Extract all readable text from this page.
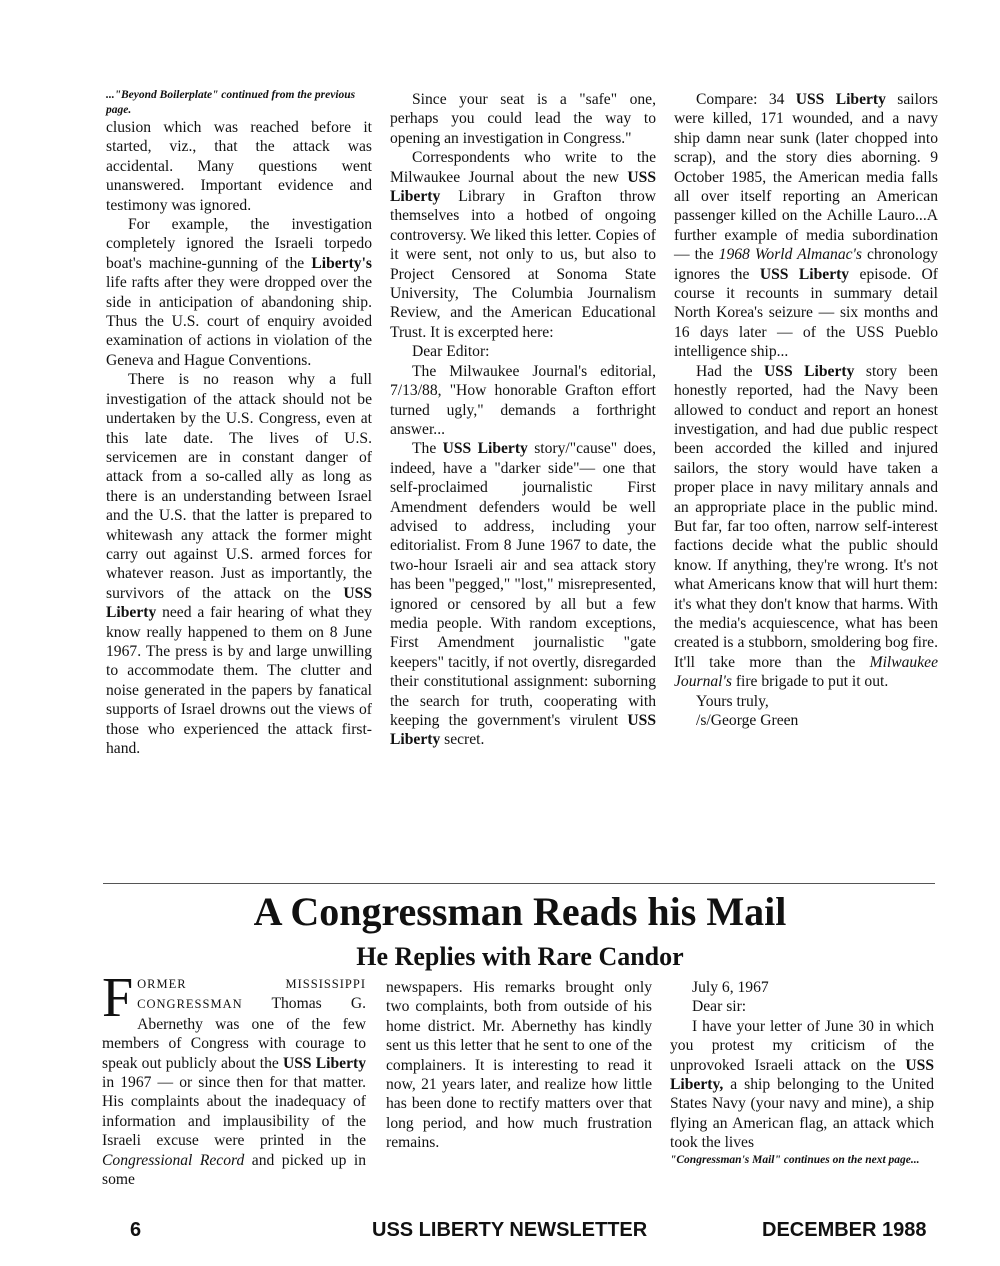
..."Beyond Boilerplate" continued from the previous page.

clusion which was reached before it started, viz., that the attack was accidental. Many questions went unanswered. Important evidence and testimony was ignored.

For example, the investigation completely ignored the Israeli torpedo boat's machine-gunning of the Liberty's life rafts after they were dropped over the side in anticipation of abandoning ship. Thus the U.S. court of enquiry avoided examination of actions in violation of the Geneva and Hague Conventions.

There is no reason why a full investigation of the attack should not be undertaken by the U.S. Congress, even at this late date. The lives of U.S. servicemen are in constant danger of attack from a so-called ally as long as there is an understanding between Israel and the U.S. that the latter is prepared to whitewash any attack the former might carry out against U.S. armed forces for whatever reason. Just as importantly, the survivors of the attack on the USS Liberty need a fair hearing of what they know really happened to them on 8 June 1967. The press is by and large unwilling to accommodate them. The clutter and noise generated in the papers by fanatical supports of Israel drowns out the views of those who experienced the attack first-hand.

Since your seat is a "safe" one, perhaps you could lead the way to opening an investigation in Congress."

Correspondents who write to the Milwaukee Journal about the new USS Liberty Library in Grafton throw themselves into a hotbed of ongoing controversy. We liked this letter. Copies of it were sent, not only to us, but also to Project Censored at Sonoma State University, The Columbia Journalism Review, and the American Educational Trust. It is excerpted here:

Dear Editor:

The Milwaukee Journal's editorial, 7/13/88, "How honorable Grafton effort turned ugly," demands a forthright answer...

The USS Liberty story/"cause" does, indeed, have a "darker side"— one that self-proclaimed journalistic First Amendment defenders would be well advised to address, including your editorialist. From 8 June 1967 to date, the two-hour Israeli air and sea attack story has been "pegged," "lost," misrepresented, ignored or censored by all but a few media people. With random exceptions, First Amendment journalistic "gate keepers" tacitly, if not overtly, disregarded their constitutional assignment: suborning the search for truth, cooperating with keeping the government's virulent USS Liberty secret.

Compare: 34 USS Liberty sailors were killed, 171 wounded, and a navy ship damn near sunk (later chopped into scrap), and the story dies aborning. 9 October 1985, the American media falls all over itself reporting an American passenger killed on the Achille Lauro...A further example of media subordination — the 1968 World Almanac's chronology ignores the USS Liberty episode. Of course it recounts in summary detail North Korea's seizure — six months and 16 days later — of the USS Pueblo intelligence ship...

Had the USS Liberty story been honestly reported, had the Navy been allowed to conduct and report an honest investigation, and had due public respect been accorded the killed and injured sailors, the story would have taken a proper place in navy military annals and an appropriate place in the public mind. But far, far too often, narrow self-interest factions decide what the public should know. If anything, they're wrong. It's not what Americans know that will hurt them: it's what they don't know that harms. With the media's acquiescence, what has been created is a stubborn, smoldering bog fire. It'll take more than the Milwaukee Journal's fire brigade to put it out.

Yours truly,

/s/George Green

A Congressman Reads his Mail
He Replies with Rare Candor

FORMER MISSISSIPPI CONGRESSMAN Thomas G. Abernethy was one of the few members of Congress with courage to speak out publicly about the USS Liberty in 1967 — or since then for that matter. His complaints about the inadequacy of information and implausibility of the Israeli excuse were printed in the Congressional Record and picked up in some

newspapers. His remarks brought only two complaints, both from outside of his home district. Mr. Abernethy has kindly sent us this letter that he sent to one of the complainers. It is interesting to read it now, 21 years later, and realize how little has been done to rectify matters over that long period, and how much frustration remains.

July 6, 1967

Dear sir:

I have your letter of June 30 in which you protest my criticism of the unprovoked Israeli attack on the USS Liberty, a ship belonging to the United States Navy (your navy and mine), a ship flying an American flag, an attack which took the lives

"Congressman's Mail" continues on the next page...

6	USS LIBERTY NEWSLETTER	DECEMBER 1988
